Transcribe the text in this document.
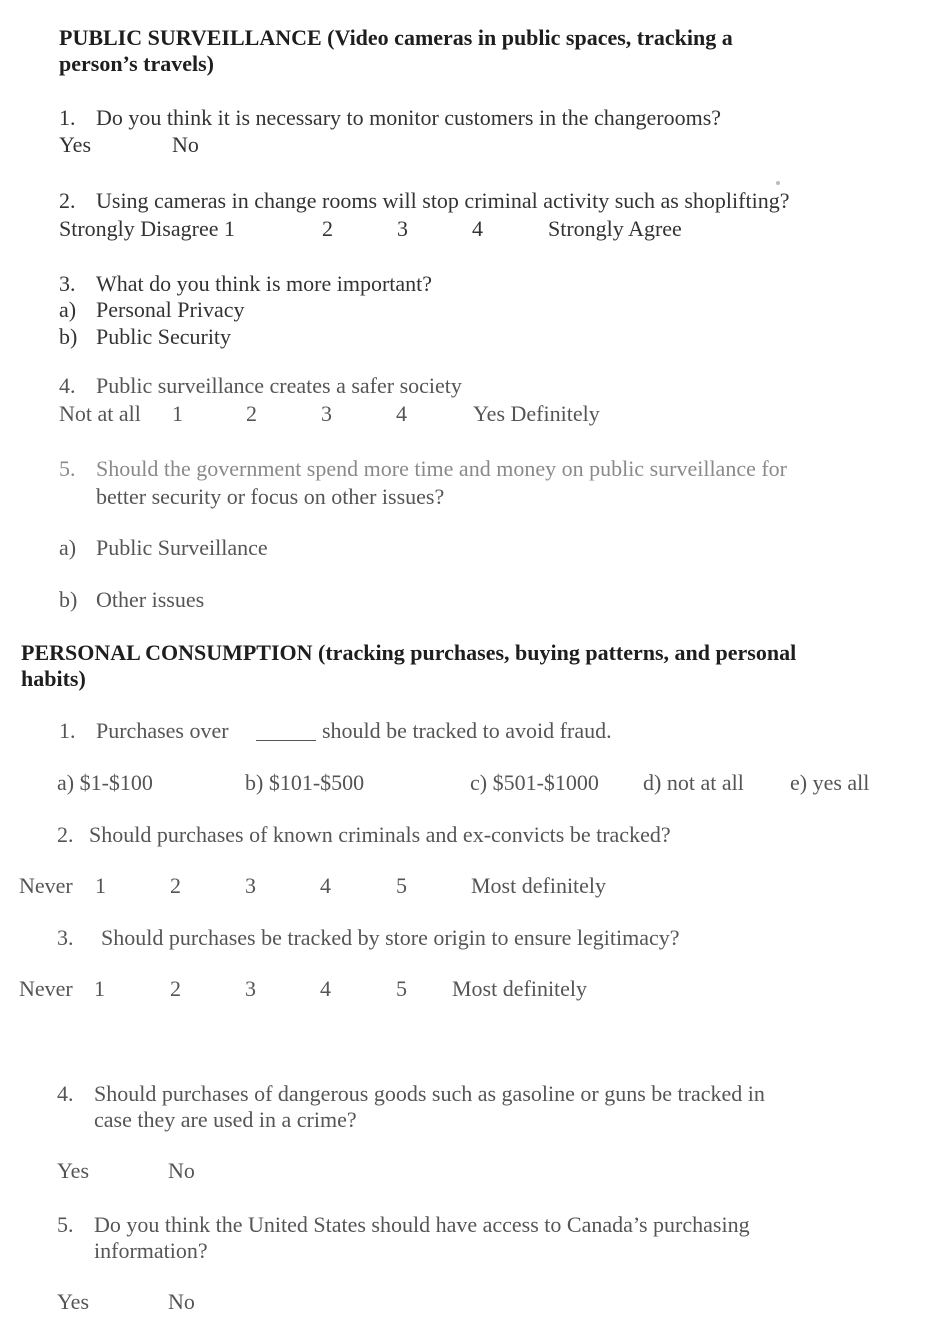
PUBLIC SURVEILLANCE (Video cameras in public spaces, tracking a
person’s travels)
1. Do you think it is necessary to monitor customers in the changerooms?
Yes	No
2. Using cameras in change rooms will stop criminal activity such as shoplifting?
Strongly Disagree 1	2	3	4	Strongly Agree
3. What do you think is more important?
a) Personal Privacy
b) Public Security
4. Public surveillance creates a safer society
Not at all 1	2	3	4	Yes Definitely
5. Should the government spend more time and money on public surveillance for
better security or focus on other issues?
a) Public Surveillance
b) Other issues
PERSONAL CONSUMPTION (tracking purchases, buying patterns, and personal
habits)
1. Purchases over	should be tracked to avoid fraud.
a) $1-$100	b) $101-$500	c) $501-$1000 d) not at all e) yes all
2. Should purchases of known criminals and ex-convicts be tracked?
Never 1	2	3	4	5	Most definitely
3. Should purchases be tracked by store origin to ensure legitimacy?
Never 1	2	3	4	5 Most definitely
4. Should purchases of dangerous goods such as gasoline or guns be tracked in
case they are used in a crime?
Yes	No
5. Do you think the United States should have access to Canada’s purchasing
information?
Yes	No
